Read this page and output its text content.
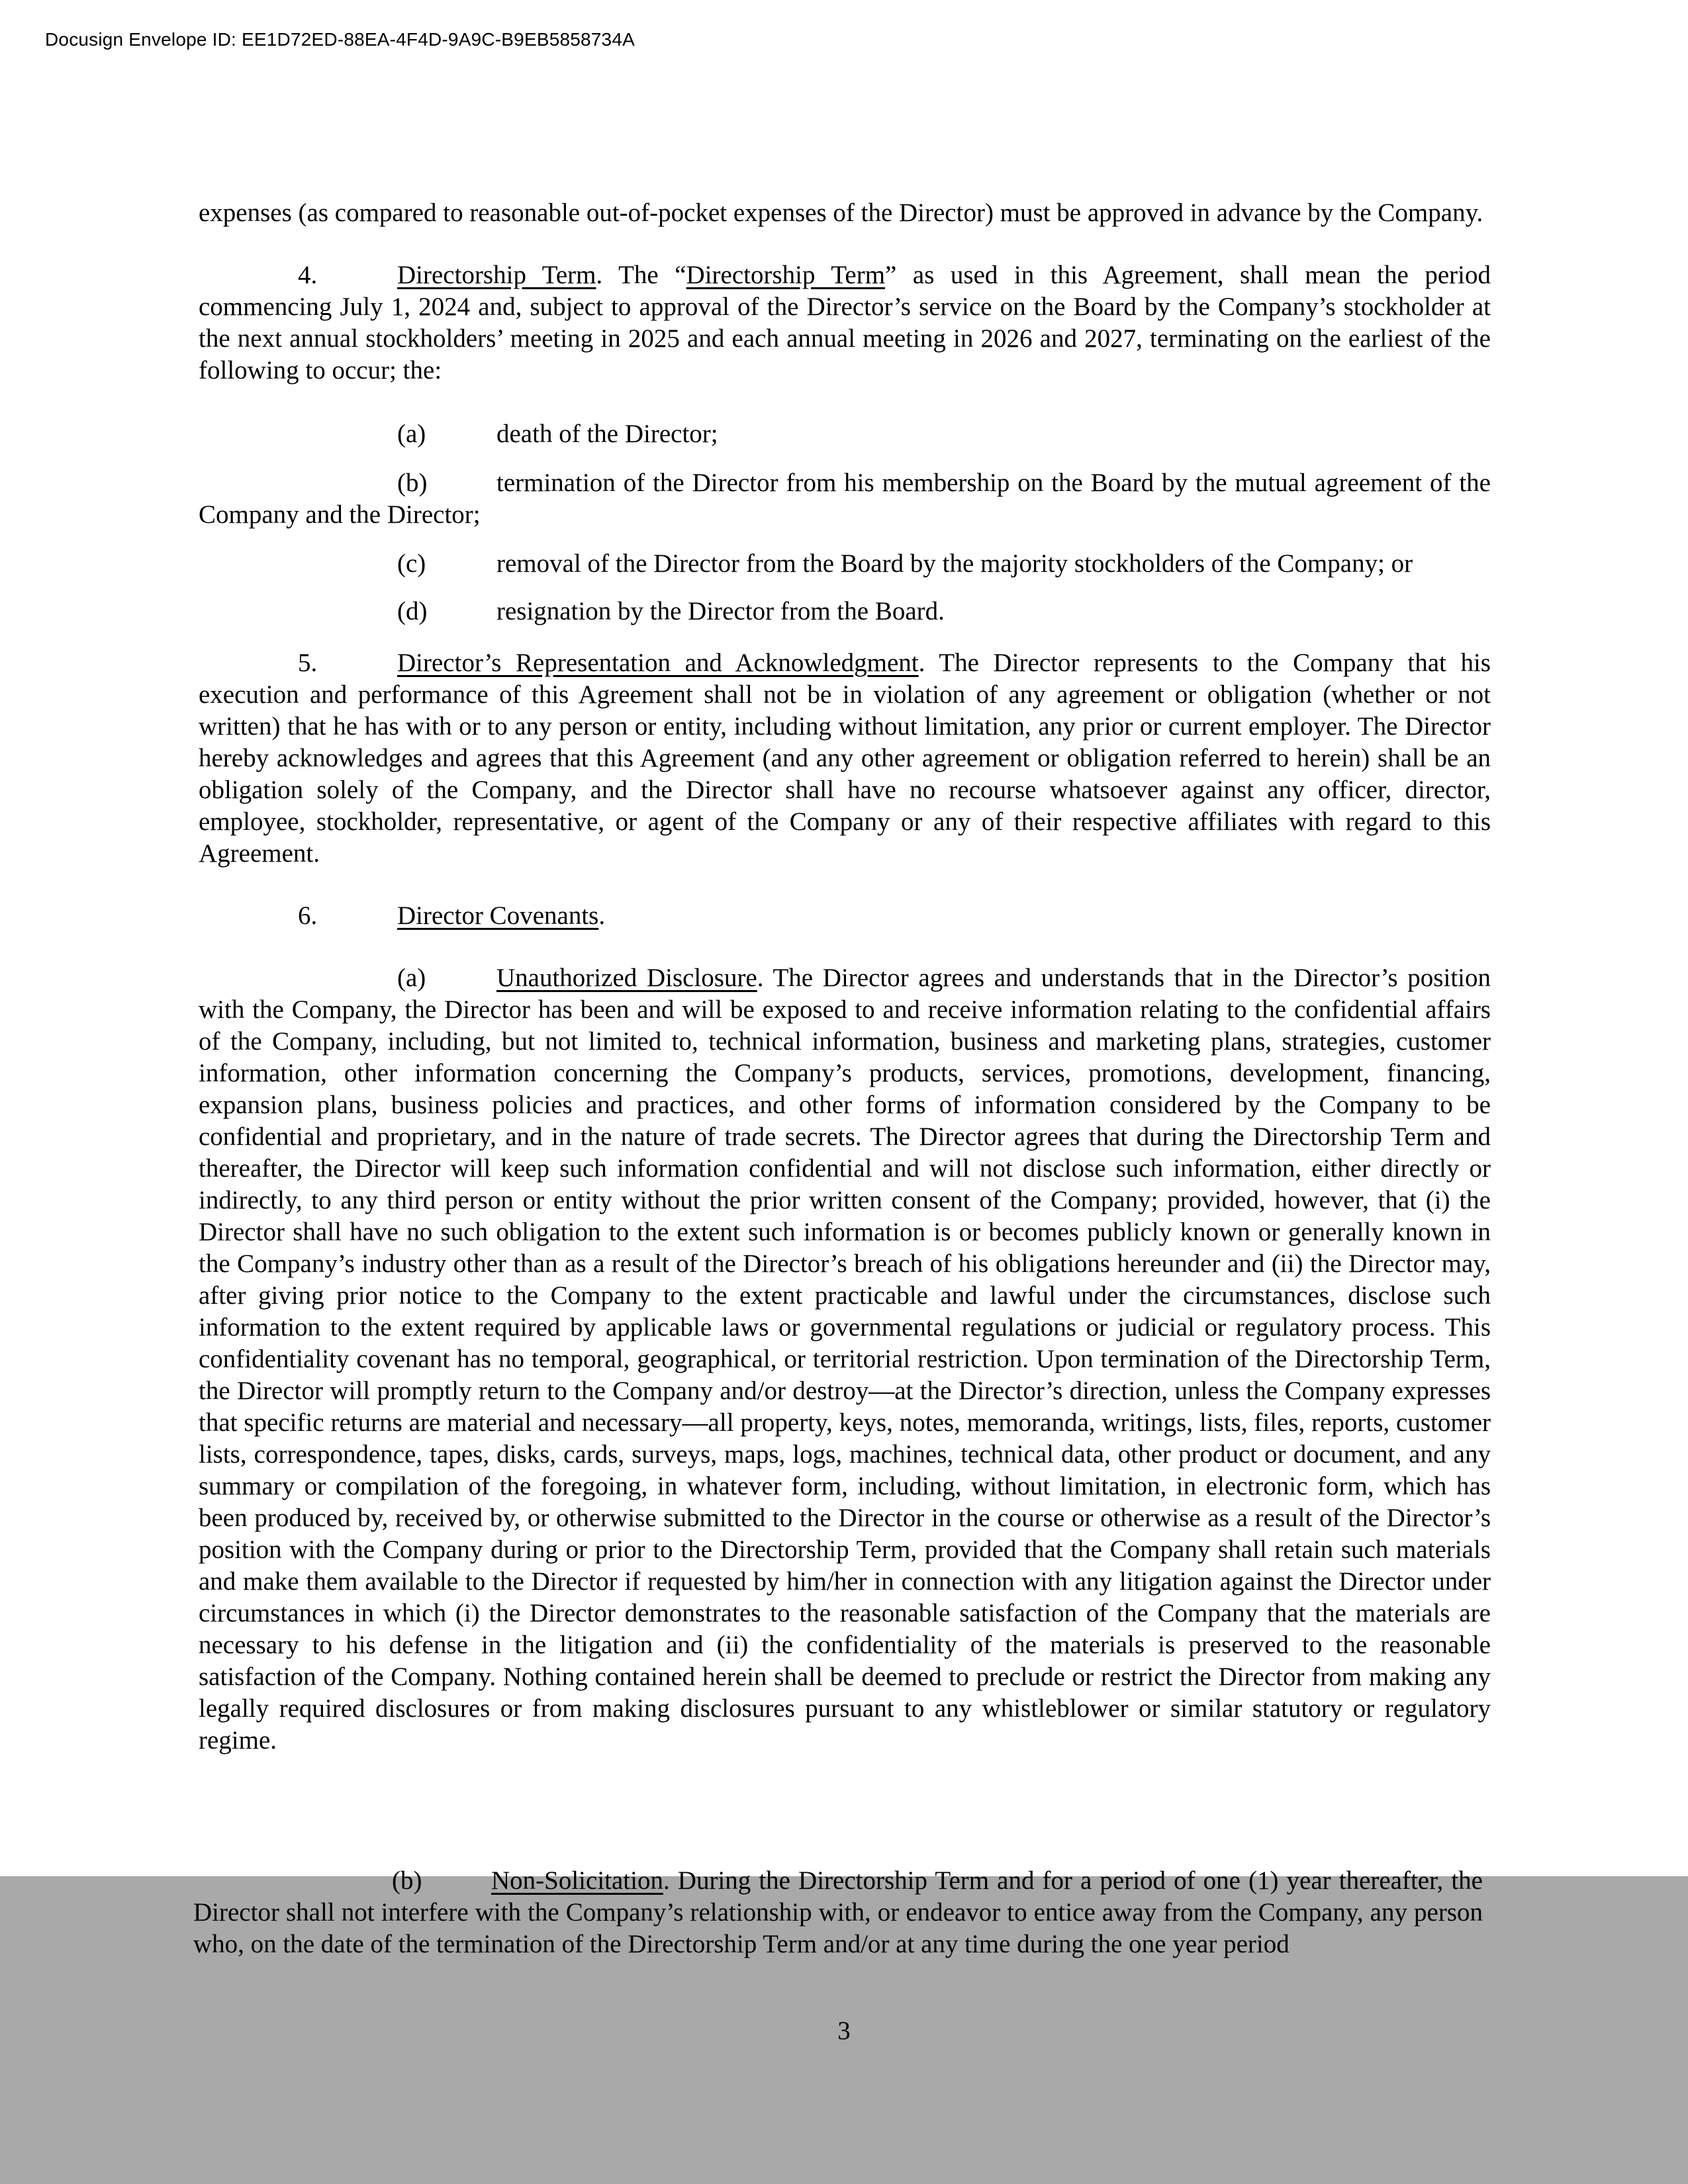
Docusign Envelope ID: EE1D72ED-88EA-4F4D-9A9C-B9EB5858734A

expenses (as compared to reasonable out-of-pocket expenses of the Director) must be approved in advance by the Company.

4.	Directorship Term. The “Directorship Term” as used in this Agreement, shall mean the period commencing July 1, 2024 and, subject to approval of the Director’s service on the Board by the Company’s stockholder at the next annual stockholders’ meeting in 2025 and each annual meeting in 2026 and 2027, terminating on the earliest of the following to occur; the:

(a)	death of the Director;

(b)	termination of the Director from his membership on the Board by the mutual agreement of the Company and the Director;

(c)	removal of the Director from the Board by the majority stockholders of the Company; or

(d)	resignation by the Director from the Board.

5.	Director’s Representation and Acknowledgment. The Director represents to the Company that his execution and performance of this Agreement shall not be in violation of any agreement or obligation (whether or not written) that he has with or to any person or entity, including without limitation, any prior or current employer. The Director hereby acknowledges and agrees that this Agreement (and any other agreement or obligation referred to herein) shall be an obligation solely of the Company, and the Director shall have no recourse whatsoever against any officer, director, employee, stockholder, representative, or agent of the Company or any of their respective affiliates with regard to this Agreement.

6.	Director Covenants.

(a)	Unauthorized Disclosure. The Director agrees and understands that in the Director’s position with the Company, the Director has been and will be exposed to and receive information relating to the confidential affairs of the Company, including, but not limited to, technical information, business and marketing plans, strategies, customer information, other information concerning the Company’s products, services, promotions, development, financing, expansion plans, business policies and practices, and other forms of information considered by the Company to be confidential and proprietary, and in the nature of trade secrets. The Director agrees that during the Directorship Term and thereafter, the Director will keep such information confidential and will not disclose such information, either directly or indirectly, to any third person or entity without the prior written consent of the Company; provided, however, that (i) the Director shall have no such obligation to the extent such information is or becomes publicly known or generally known in the Company’s industry other than as a result of the Director’s breach of his obligations hereunder and (ii) the Director may, after giving prior notice to the Company to the extent practicable and lawful under the circumstances, disclose such information to the extent required by applicable laws or governmental regulations or judicial or regulatory process. This confidentiality covenant has no temporal, geographical, or territorial restriction. Upon termination of the Directorship Term, the Director will promptly return to the Company and/or destroy—at the Director’s direction, unless the Company expresses that specific returns are material and necessary—all property, keys, notes, memoranda, writings, lists, files, reports, customer lists, correspondence, tapes, disks, cards, surveys, maps, logs, machines, technical data, other product or document, and any summary or compilation of the foregoing, in whatever form, including, without limitation, in electronic form, which has been produced by, received by, or otherwise submitted to the Director in the course or otherwise as a result of the Director’s position with the Company during or prior to the Directorship Term, provided that the Company shall retain such materials and make them available to the Director if requested by him/her in connection with any litigation against the Director under circumstances in which (i) the Director demonstrates to the reasonable satisfaction of the Company that the materials are necessary to his defense in the litigation and (ii) the confidentiality of the materials is preserved to the reasonable satisfaction of the Company. Nothing contained herein shall be deemed to preclude or restrict the Director from making any legally required disclosures or from making disclosures pursuant to any whistleblower or similar statutory or regulatory regime.

(b)	Non-Solicitation. During the Directorship Term and for a period of one (1) year thereafter, the Director shall not interfere with the Company’s relationship with, or endeavor to entice away from the Company, any person who, on the date of the termination of the Directorship Term and/or at any time during the one year period

3
